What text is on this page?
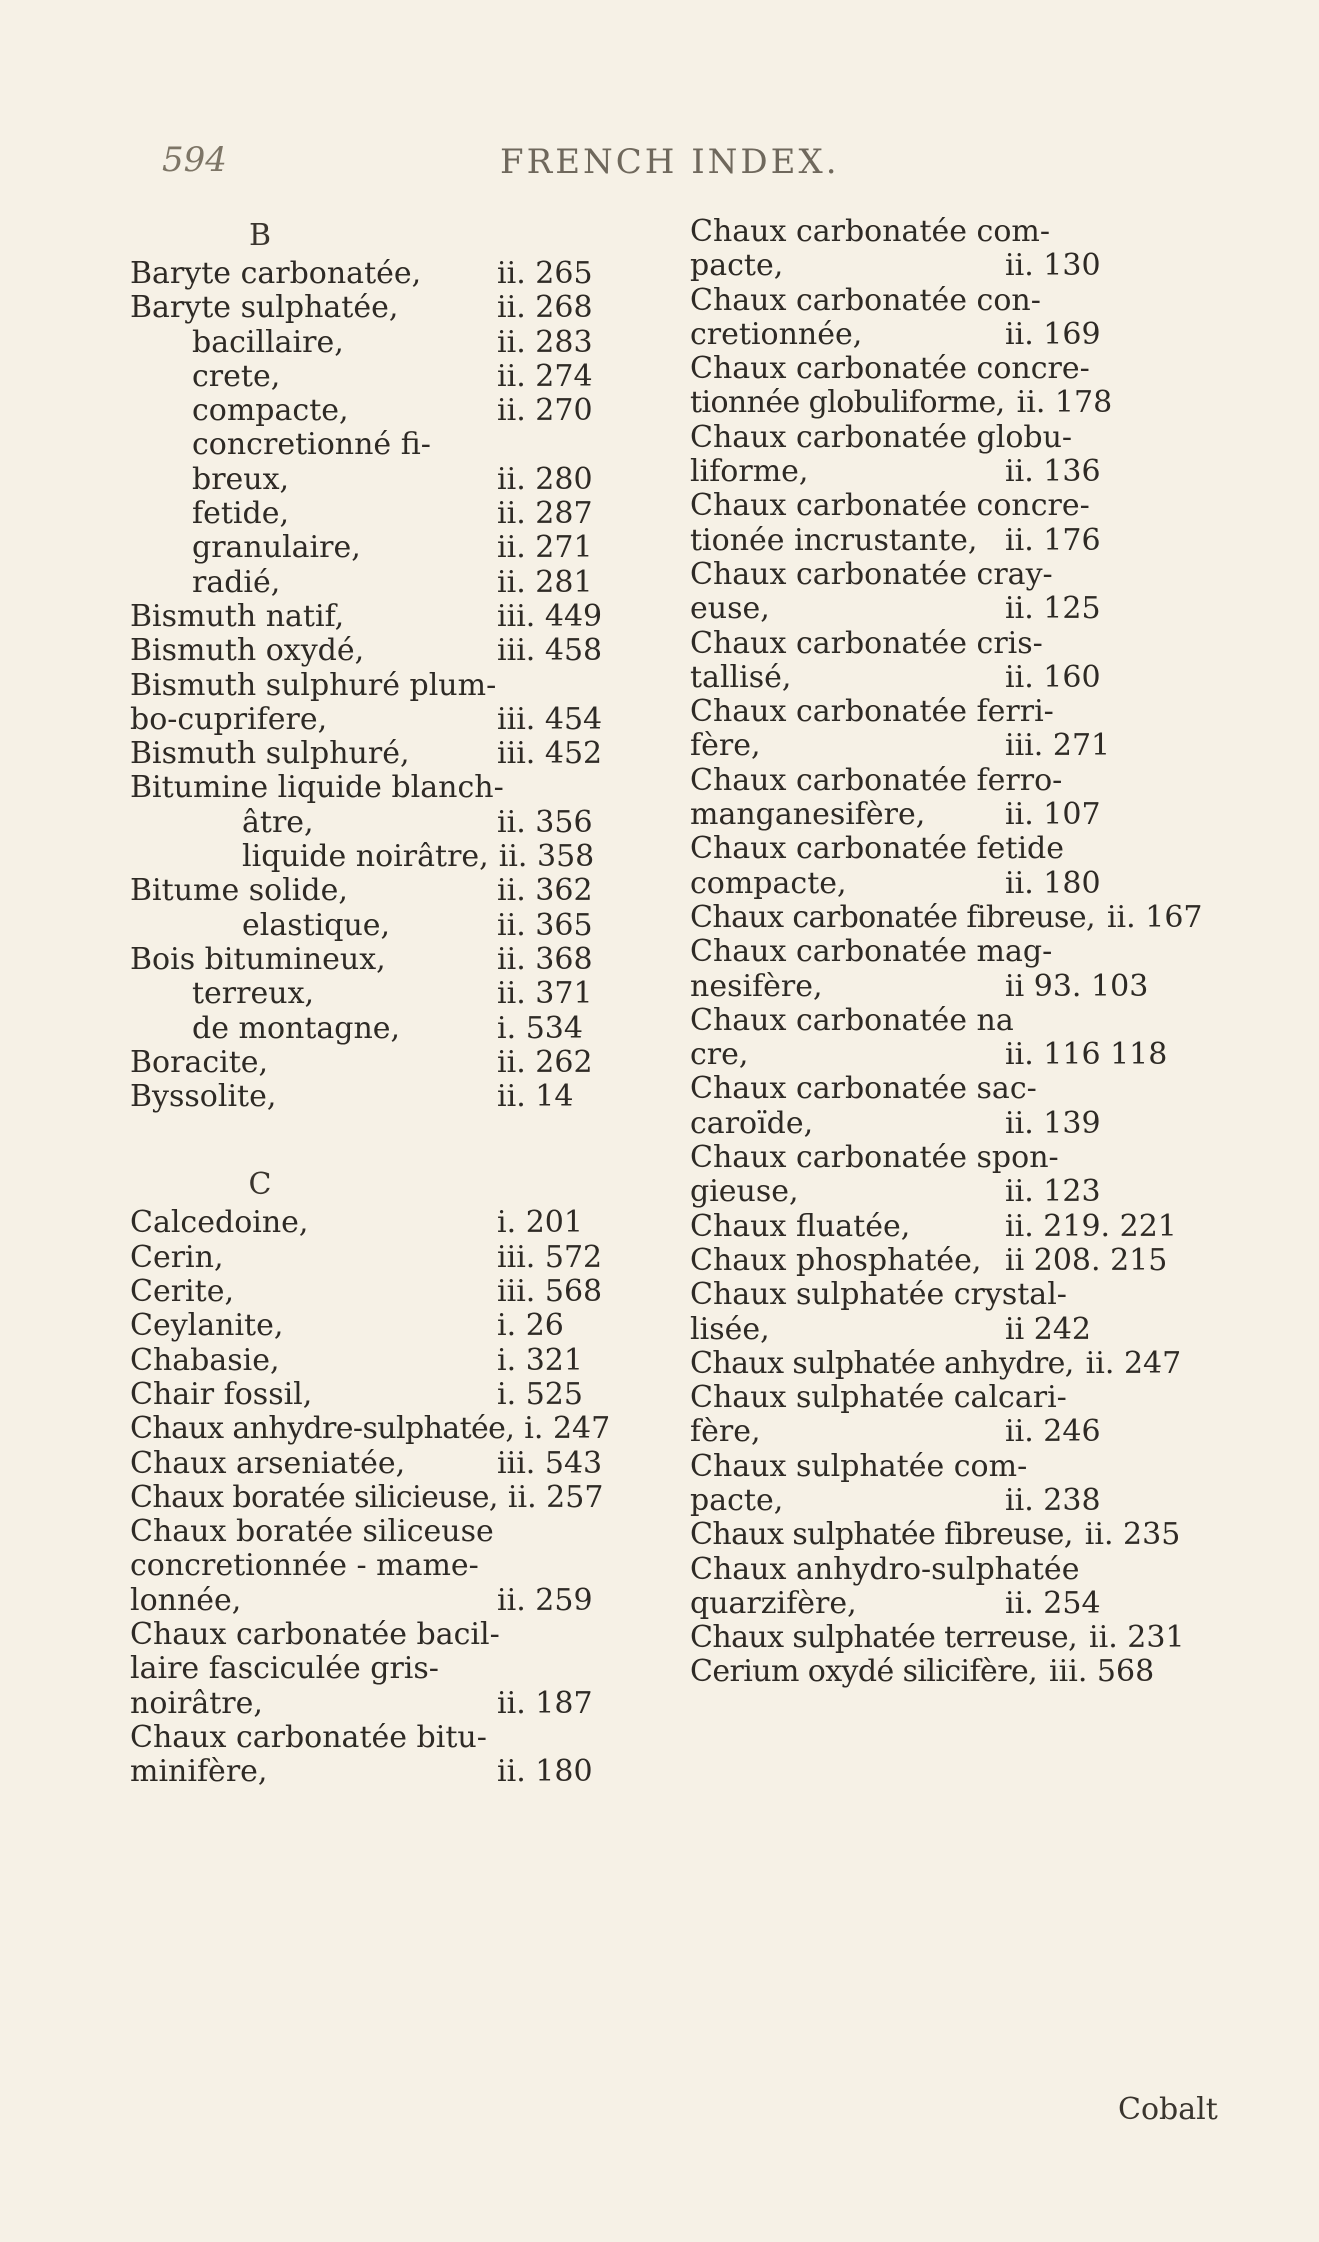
594	FRENCH INDEX.
B
Baryte carbonatée,	ii. 265
Baryte sulphatée,	ii. 268
bacillaire,	ii. 283
crete,	ii. 274
compacte,	ii. 270
concretionné fi-
breux,	ii. 280
fetide,	ii. 287
granulaire,	ii. 271
radié,	ii. 281
Bismuth natif,	iii. 449
Bismuth oxydé,	iii. 458
Bismuth sulphuré plum-
bo-cuprifere,	iii. 454
Bismuth sulphuré,	iii. 452
Bitumine liquide blanch-
âtre,	ii. 356
liquide noirâtre, ii. 358
Bitume solide,	ii. 362
elastique,	ii. 365
Bois bitumineux,	ii. 368
terreux,	ii. 371
de montagne,	i. 534
Boracite,	ii. 262
Byssolite,	ii. 14
C
Calcedoine,	i. 201
Cerin,	iii. 572
Cerite,	iii. 568
Ceylanite,	i. 26
Chabasie,	i. 321
Chair fossil,	i. 525
Chaux anhydre-sulphatée, i. 247
Chaux arseniatée,	iii. 543
Chaux boratée silicieuse, ii. 257
Chaux boratée siliceuse
concretionnée - mame-
lonnée,	ii. 259
Chaux carbonatée bacil-
laire fasciculée gris-
noirâtre,	ii. 187
Chaux carbonatée bitu-
minifère,	ii. 180
Chaux carbonatée com-
pacte,	ii. 130
Chaux carbonatée con-
cretionnée,	ii. 169
Chaux carbonatée concre-
tionnée globuliforme, ii. 178
Chaux carbonatée globu-
liforme,	ii. 136
Chaux carbonatée concre-
tionée incrustante, ii. 176
Chaux carbonatée cray-
euse,	ii. 125
Chaux carbonatée cris-
tallisé,	ii. 160
Chaux carbonatée ferri-
fère,	iii. 271
Chaux carbonatée ferro-
manganesifère,	ii. 107
Chaux carbonatée fetide
compacte,	ii. 180
Chaux carbonatée fibreuse, ii. 167
Chaux carbonatée mag-
nesifère,	ii 93. 103
Chaux carbonatée na
cre,	ii. 116 118
Chaux carbonatée sac-
caroïde,	ii. 139
Chaux carbonatée spon-
gieuse,	ii. 123
Chaux fluatée,	ii. 219. 221
Chaux phosphatée, ii 208. 215
Chaux sulphatée crystal-
lisée,	ii 242
Chaux sulphatée anhydre, ii. 247
Chaux sulphatée calcari-
fère,	ii. 246
Chaux sulphatée com-
pacte,	ii. 238
Chaux sulphatée fibreuse, ii. 235
Chaux anhydro-sulphatée
quarzifère,	ii. 254
Chaux sulphatée terreuse, ii. 231
Cerium oxydé silicifère, iii. 568
Cobalt
